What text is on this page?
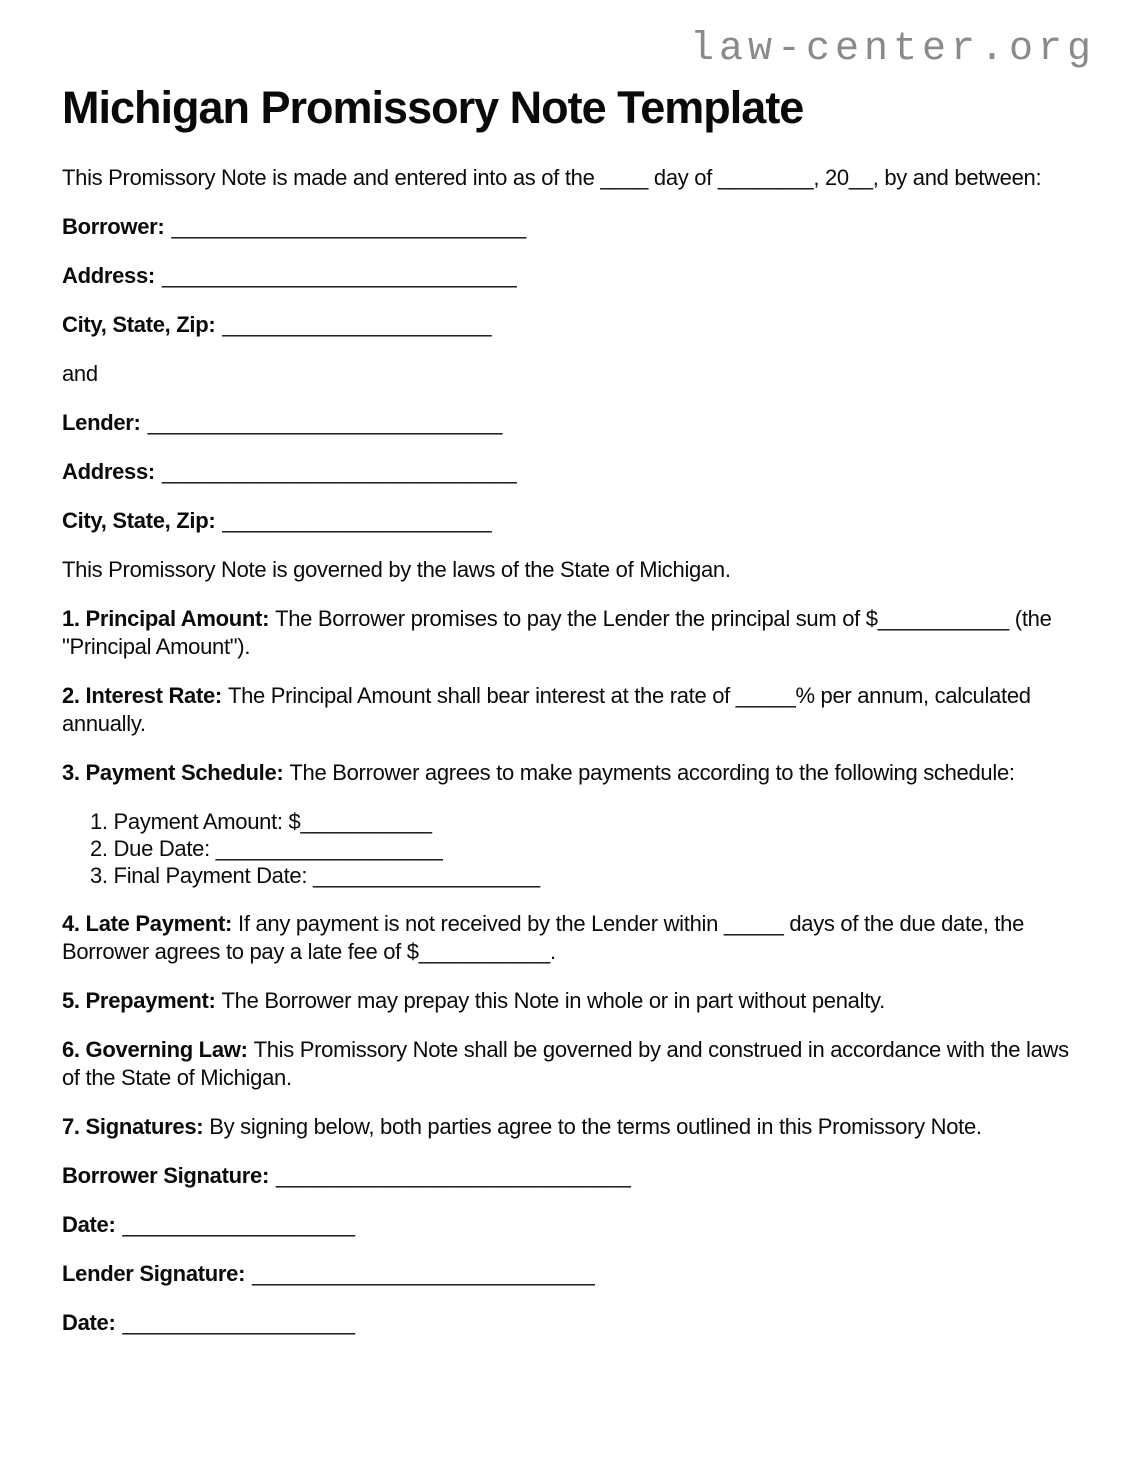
law-center.org
Michigan Promissory Note Template

This Promissory Note is made and entered into as of the ____ day of ________, 20__, by and between:

Borrower: _____________________________

Address: _____________________________

City, State, Zip: ______________________

and

Lender: _____________________________

Address: _____________________________

City, State, Zip: ______________________

This Promissory Note is governed by the laws of the State of Michigan.

1. Principal Amount: The Borrower promises to pay the Lender the principal sum of $___________ (the "Principal Amount").

2. Interest Rate: The Principal Amount shall bear interest at the rate of _____% per annum, calculated annually.

3. Payment Schedule: The Borrower agrees to make payments according to the following schedule:

1. Payment Amount: $___________
2. Due Date: ___________________
3. Final Payment Date: ___________________

4. Late Payment: If any payment is not received by the Lender within _____ days of the due date, the Borrower agrees to pay a late fee of $___________.

5. Prepayment: The Borrower may prepay this Note in whole or in part without penalty.

6. Governing Law: This Promissory Note shall be governed by and construed in accordance with the laws of the State of Michigan.

7. Signatures: By signing below, both parties agree to the terms outlined in this Promissory Note.

Borrower Signature: _____________________________

Date: ___________________

Lender Signature: ____________________________

Date: ___________________
